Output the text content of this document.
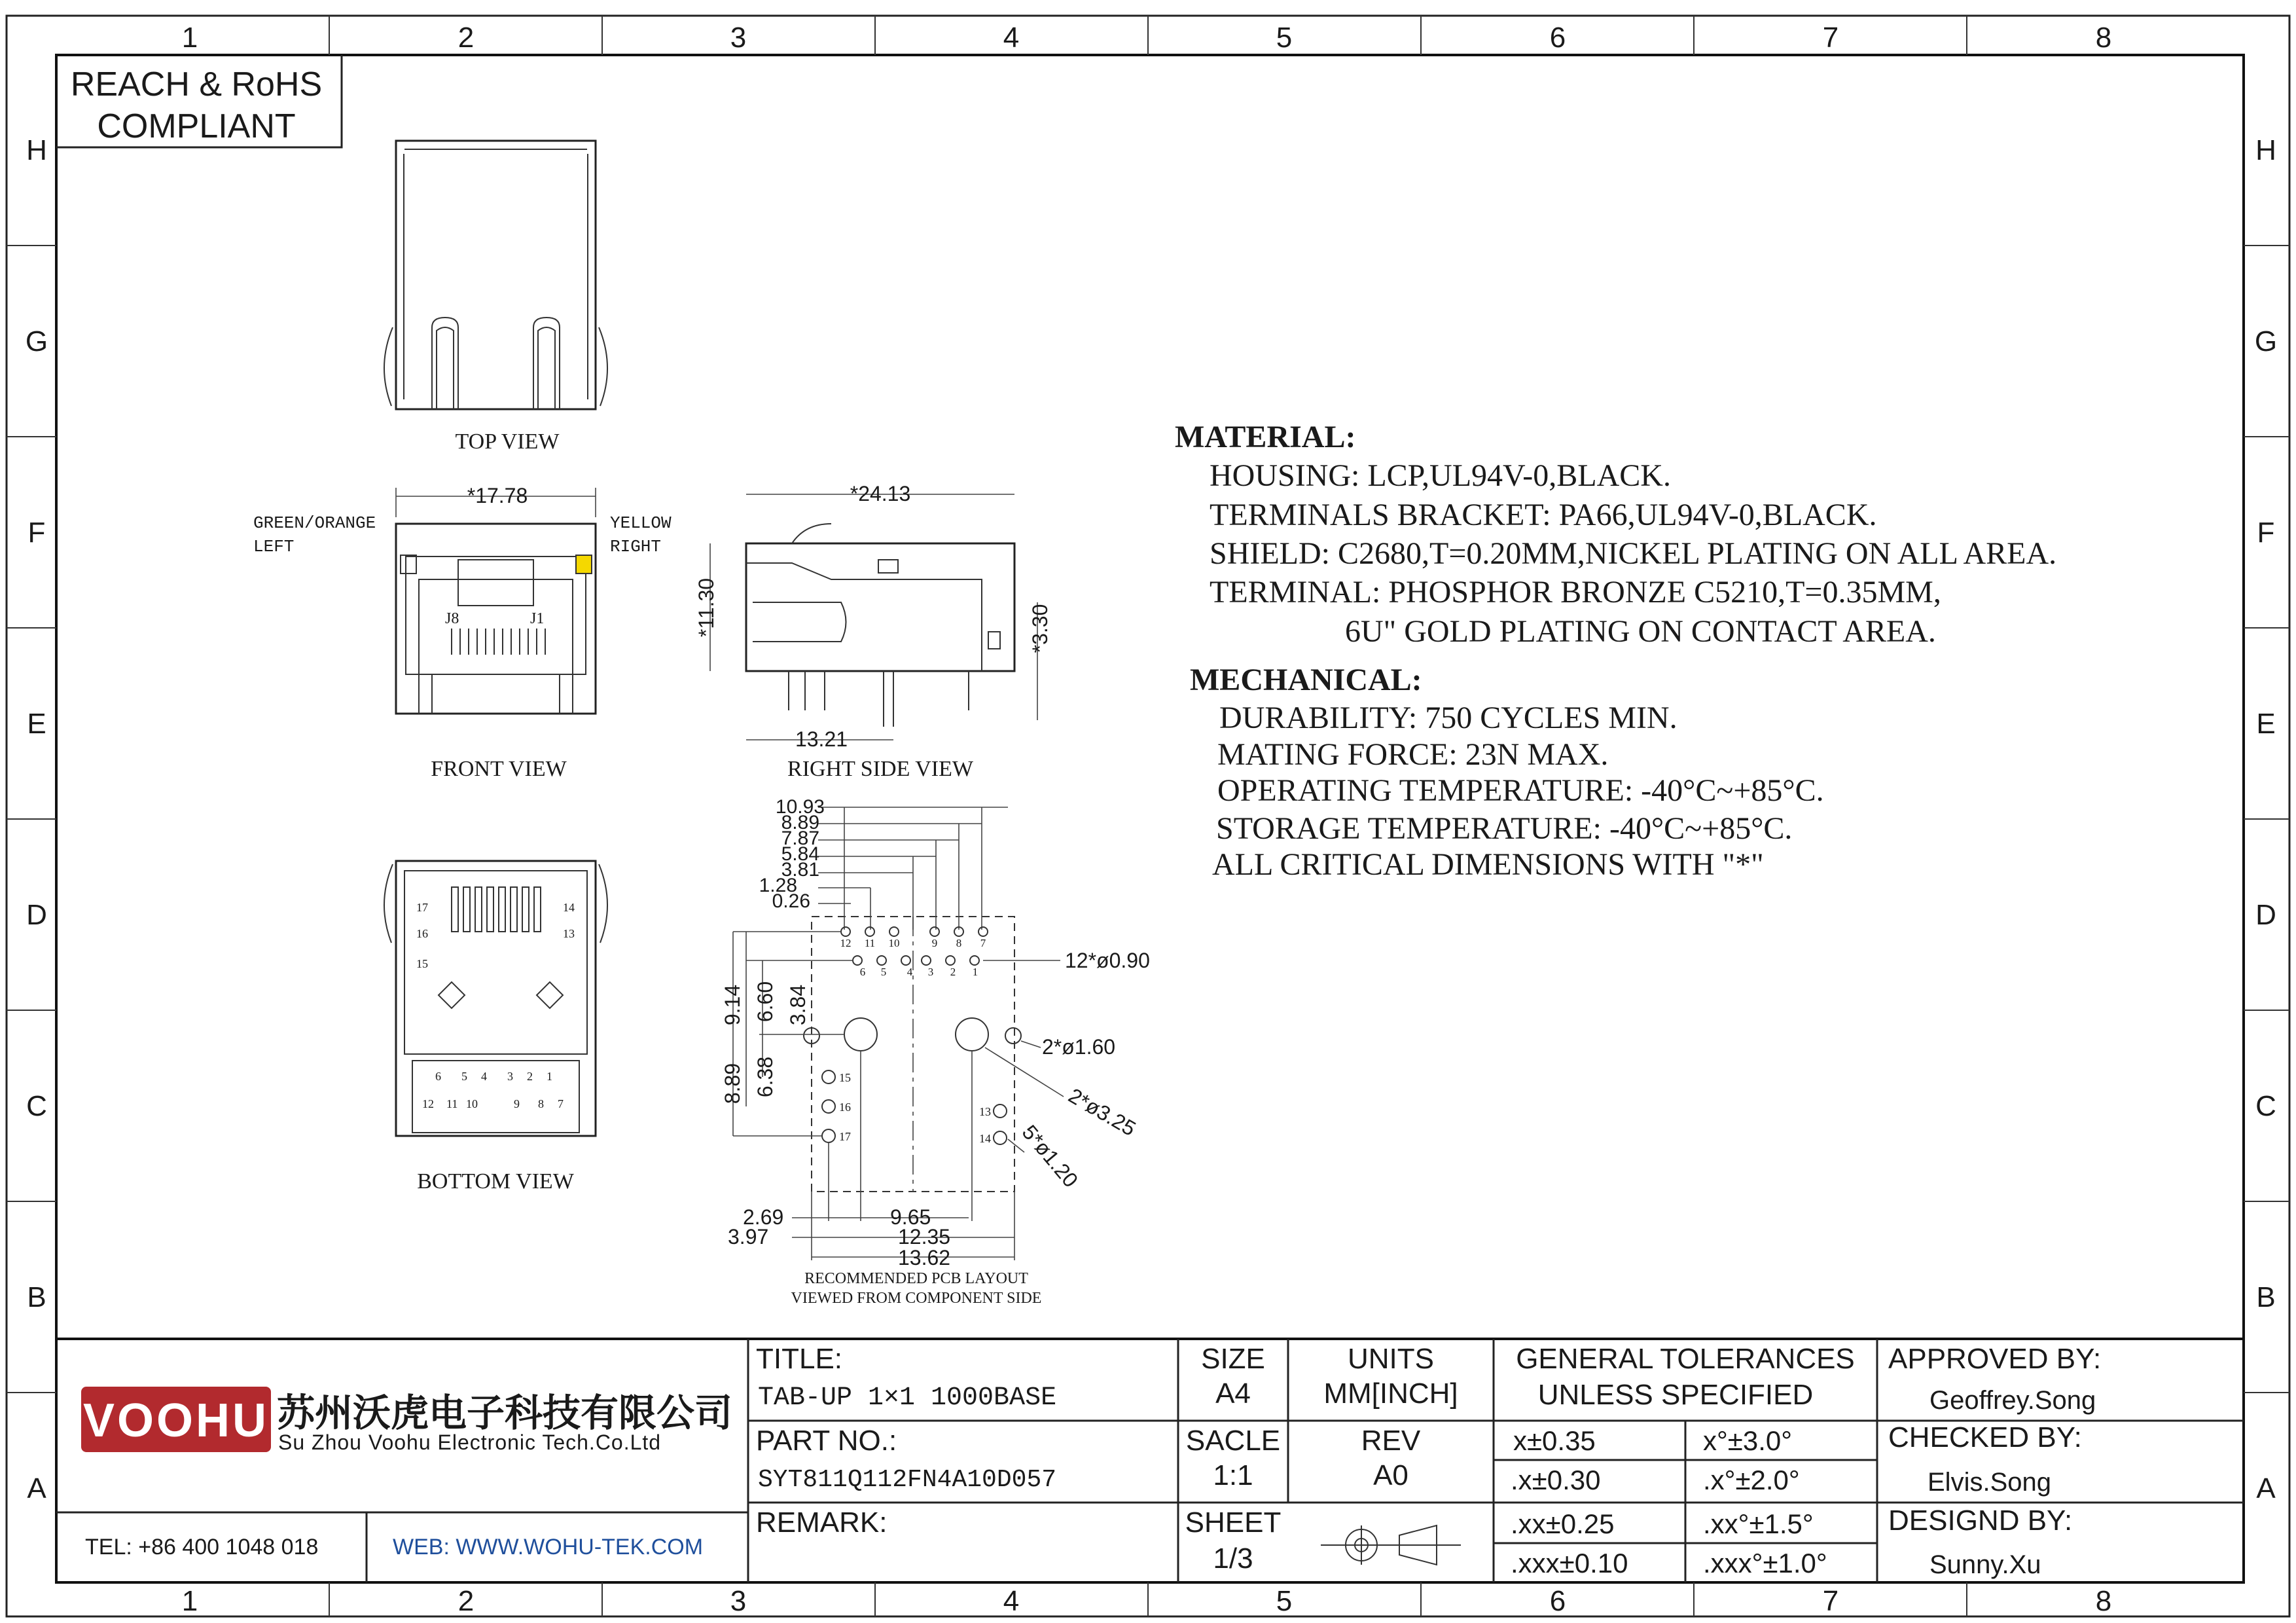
1	2	3	4	5	6	7	8
1	2	3	4	5	6	7	8
H
G
F
E
D
C
B
A
H
G
F
E
D
C
B
A
REACH & RoHS
COMPLIANT
TOP VIEW
*17.78
GREEN/ORANGE
LEFT
YELLOW
RIGHT
J8	J1
FRONT VIEW
*24.13
*11.30	*3.30
13.21
RIGHT SIDE VIEW
17
16
15
14
13
6 5 4 3 2 1
12 11 10	9 8 7
BOTTOM VIEW
10.93
8.89
7.87
5.84
3.81
1.28
0.26
12 11 10	9 8 7
6 5 4 3 2 1	12*ø0.90
2*ø1.60
2*ø3.25
15
16
17
13
14 5*ø1.20
9.14 6.60 3.84
8.89 6.38
2.69	9.65
3.97	12.35
13.62
RECOMMENDED PCB LAYOUT
VIEWED FROM COMPONENT SIDE
MATERIAL:
HOUSING: LCP,UL94V-0,BLACK.
TERMINALS BRACKET: PA66,UL94V-0,BLACK.
SHIELD: C2680,T=0.20MM,NICKEL PLATING ON ALL AREA.
TERMINAL: PHOSPHOR BRONZE C5210,T=0.35MM,
6U" GOLD PLATING ON CONTACT AREA.
MECHANICAL:
DURABILITY: 750 CYCLES MIN.
MATING FORCE: 23N MAX.
OPERATING TEMPERATURE: -40°C~+85°C.
STORAGE TEMPERATURE: -40°C~+85°C.
ALL CRITICAL DIMENSIONS WITH "*"
VOOHU 苏州沃虎电子科技有限公司
Su Zhou Voohu Electronic Tech.Co.Ltd
TEL: +86 400 1048 018	WEB: WWW.WOHU-TEK.COM
TITLE:
TAB-UP 1×1 1000BASE
PART NO.:
SYT811Q112FN4A10D057
REMARK:
SIZE
A4
UNITS
MM[INCH]
SACLE
1:1
REV
A0
SHEET
1/3
GENERAL TOLERANCES
UNLESS SPECIFIED
x±0.35	x°±3.0°
.x±0.30	.x°±2.0°
.xx±0.25	.xx°±1.5°
.xxx±0.10	.xxx°±1.0°
APPROVED BY:
Geoffrey.Song
CHECKED BY:
Elvis.Song
DESIGND BY:
Sunny.Xu
